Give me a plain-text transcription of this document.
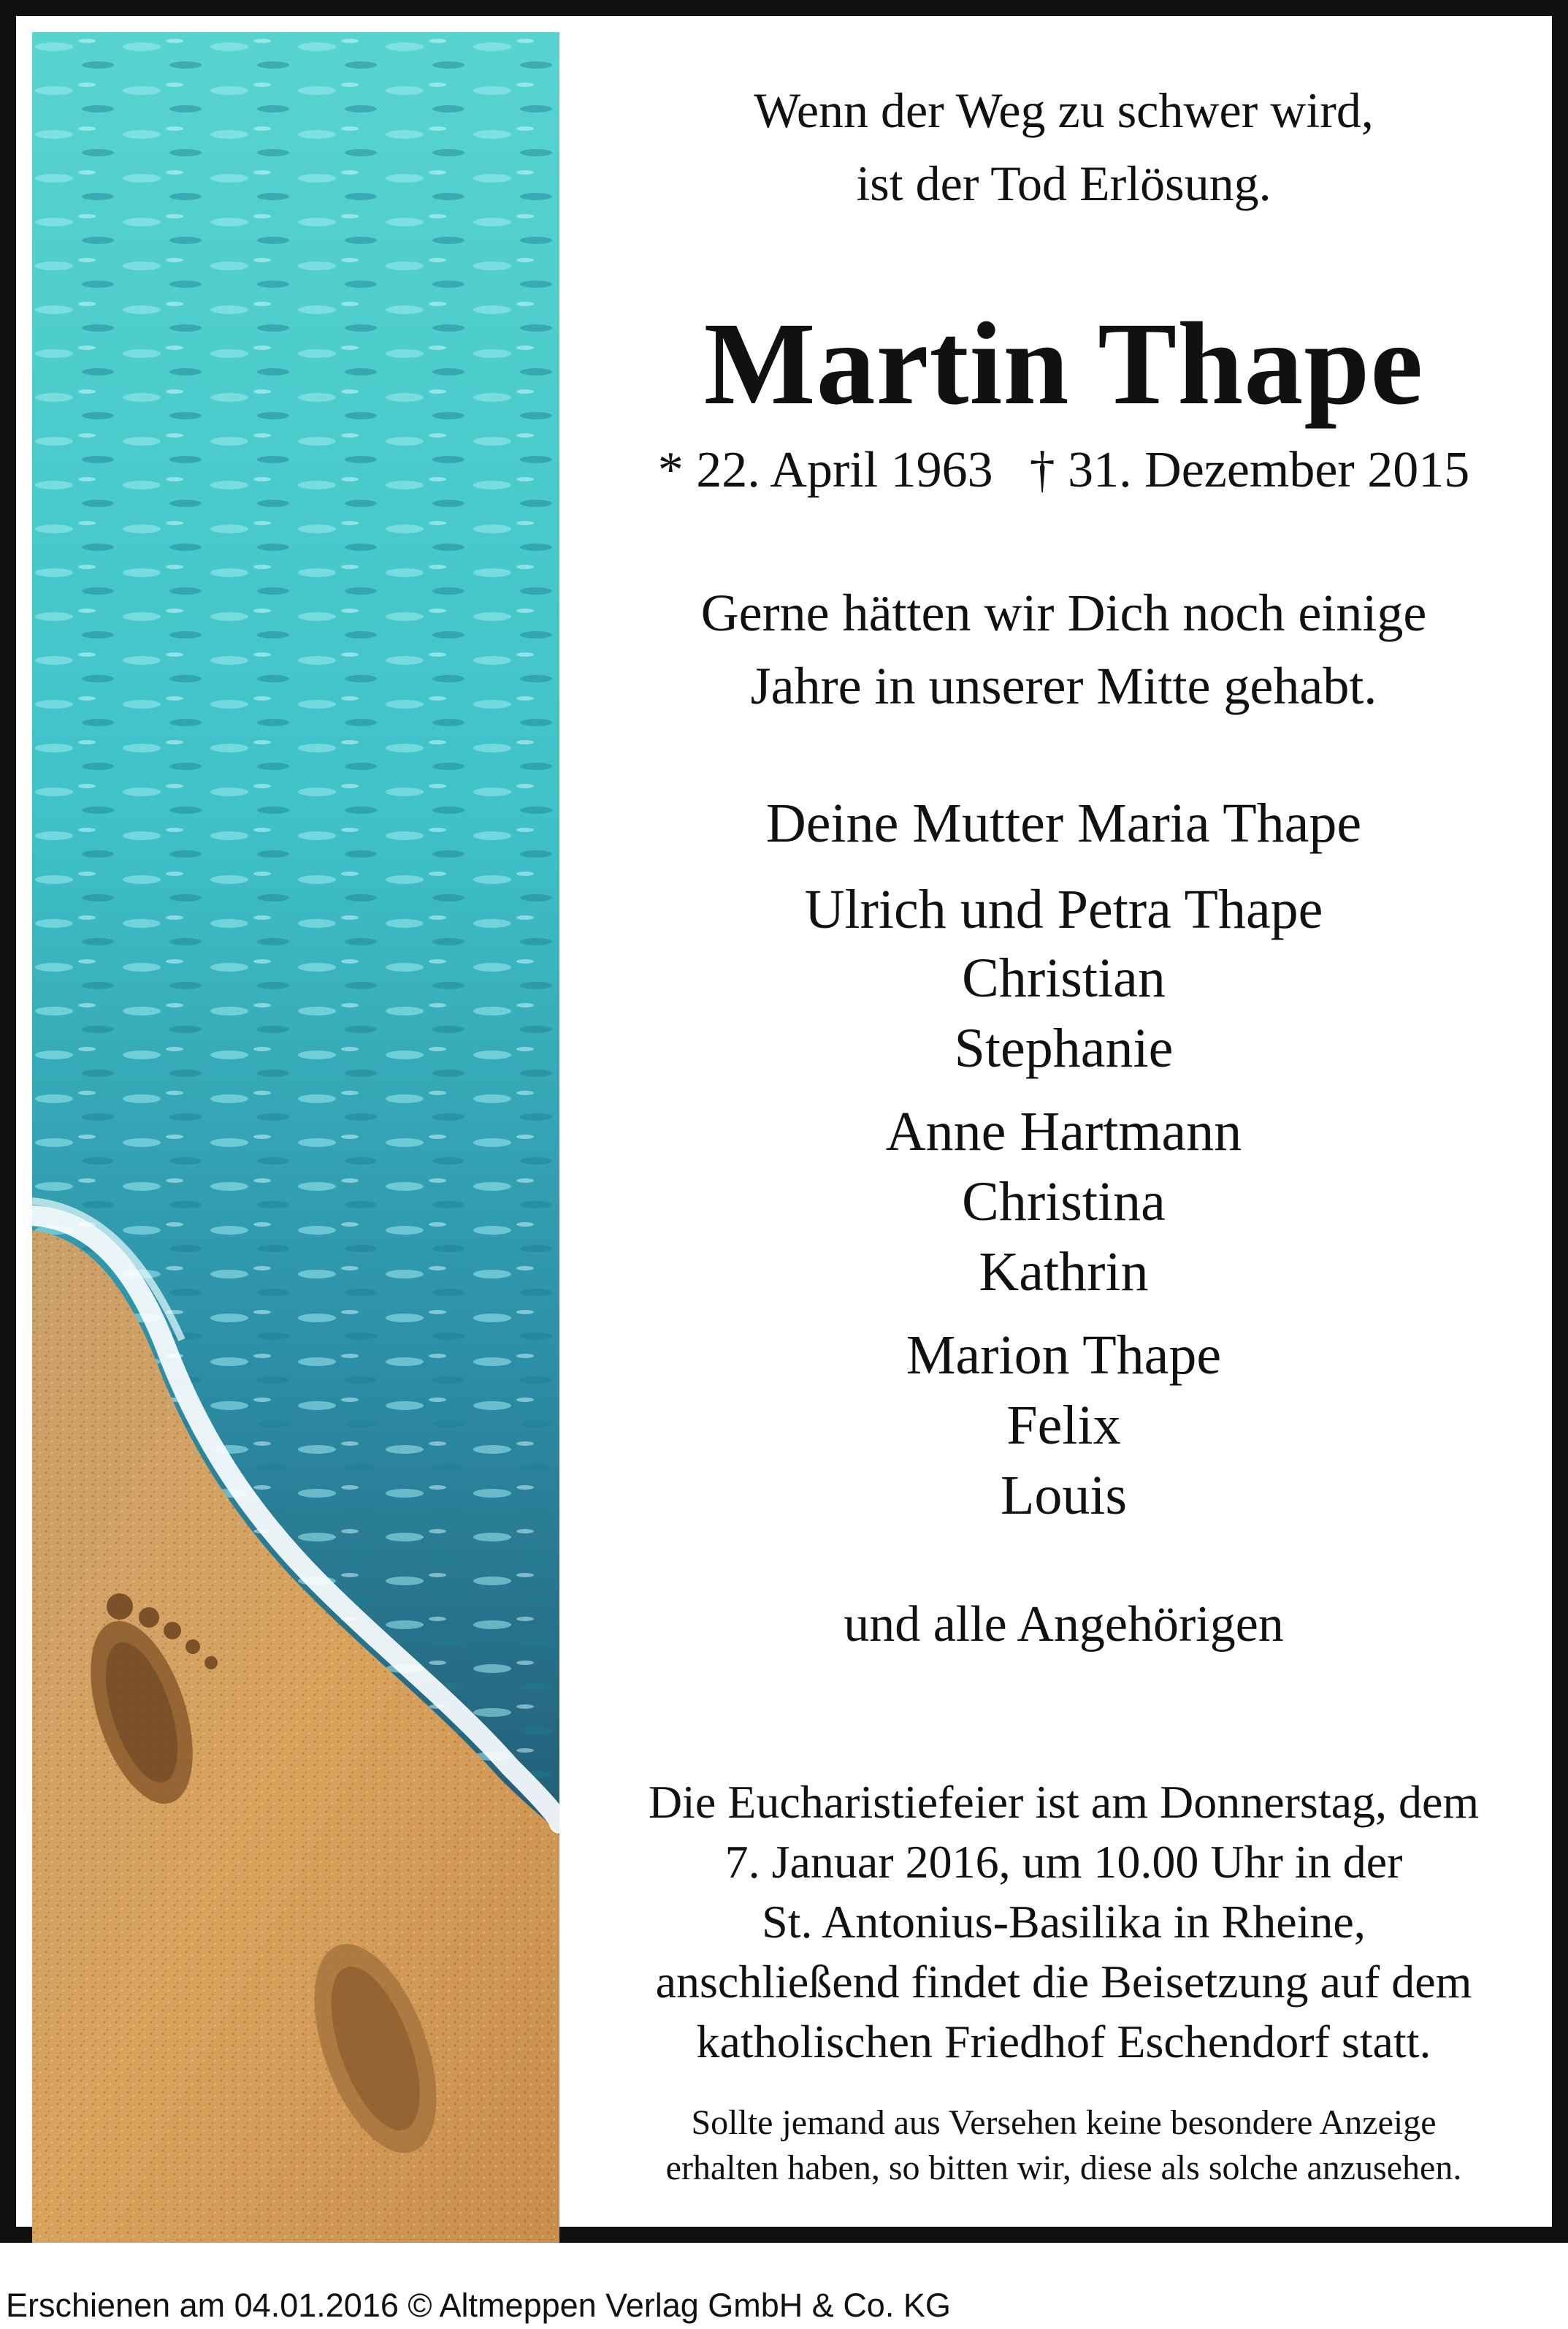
Wenn der Weg zu schwer wird,
ist der Tod Erlösung.
Martin Thape
* 22. April 1963 † 31. Dezember 2015
Gerne hätten wir Dich noch einige
Jahre in unserer Mitte gehabt.
Deine Mutter Maria Thape
Ulrich und Petra Thape
Christian
Stephanie
Anne Hartmann
Christina
Kathrin
Marion Thape
Felix
Louis
und alle Angehörigen
Die Eucharistiefeier ist am Donnerstag, dem
7. Januar 2016, um 10.00 Uhr in der
St. Antonius-Basilika in Rheine,
anschließend findet die Beisetzung auf dem
katholischen Friedhof Eschendorf statt.
Sollte jemand aus Versehen keine besondere Anzeige
erhalten haben, so bitten wir, diese als solche anzusehen.
Erschienen am 04.01.2016 © Altmeppen Verlag GmbH & Co. KG
